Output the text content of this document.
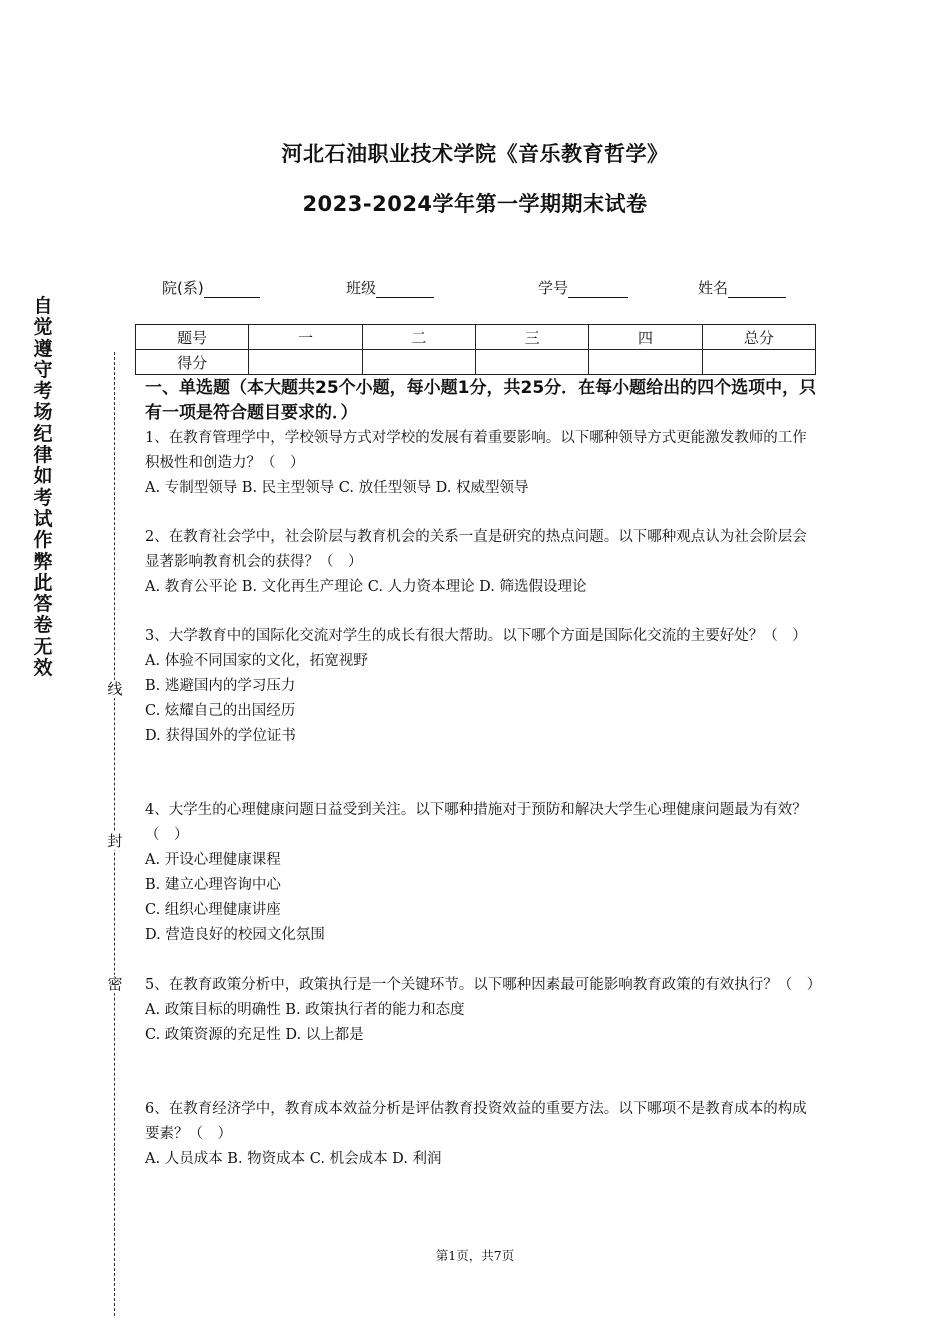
河北石油职业技术学院《音乐教育哲学》
2023-2024学年第一学期期末试卷
院(系)	班级	学号	姓名
自觉遵守考场纪律如考试作弊此答卷无效
线
封
密
题号	一	二	三	四	总分
得分					
一、单选题（本大题共25个小题，每小题1分，共25分．在每小题给出的四个选项中，只有一项是符合题目要求的．）

1、在教育管理学中，学校领导方式对学校的发展有着重要影响。以下哪种领导方式更能激发教师的工作积极性和创造力？（　）

A. 专制型领导 B. 民主型领导 C. 放任型领导 D. 权威型领导

2、在教育社会学中，社会阶层与教育机会的关系一直是研究的热点问题。以下哪种观点认为社会阶层会显著影响教育机会的获得？（　）

A. 教育公平论 B. 文化再生产理论 C. 人力资本理论 D. 筛选假设理论

3、大学教育中的国际化交流对学生的成长有很大帮助。以下哪个方面是国际化交流的主要好处？（　）

A. 体验不同国家的文化，拓宽视野

B. 逃避国内的学习压力

C. 炫耀自己的出国经历

D. 获得国外的学位证书

4、大学生的心理健康问题日益受到关注。以下哪种措施对于预防和解决大学生心理健康问题最为有效？（　）

A. 开设心理健康课程

B. 建立心理咨询中心

C. 组织心理健康讲座

D. 营造良好的校园文化氛围

5、在教育政策分析中，政策执行是一个关键环节。以下哪种因素最可能影响教育政策的有效执行？（　）

A. 政策目标的明确性 B. 政策执行者的能力和态度

C. 政策资源的充足性 D. 以上都是

6、在教育经济学中，教育成本效益分析是评估教育投资效益的重要方法。以下哪项不是教育成本的构成要素？（　）

A. 人员成本 B. 物资成本 C. 机会成本 D. 利润

第1页，共7页
